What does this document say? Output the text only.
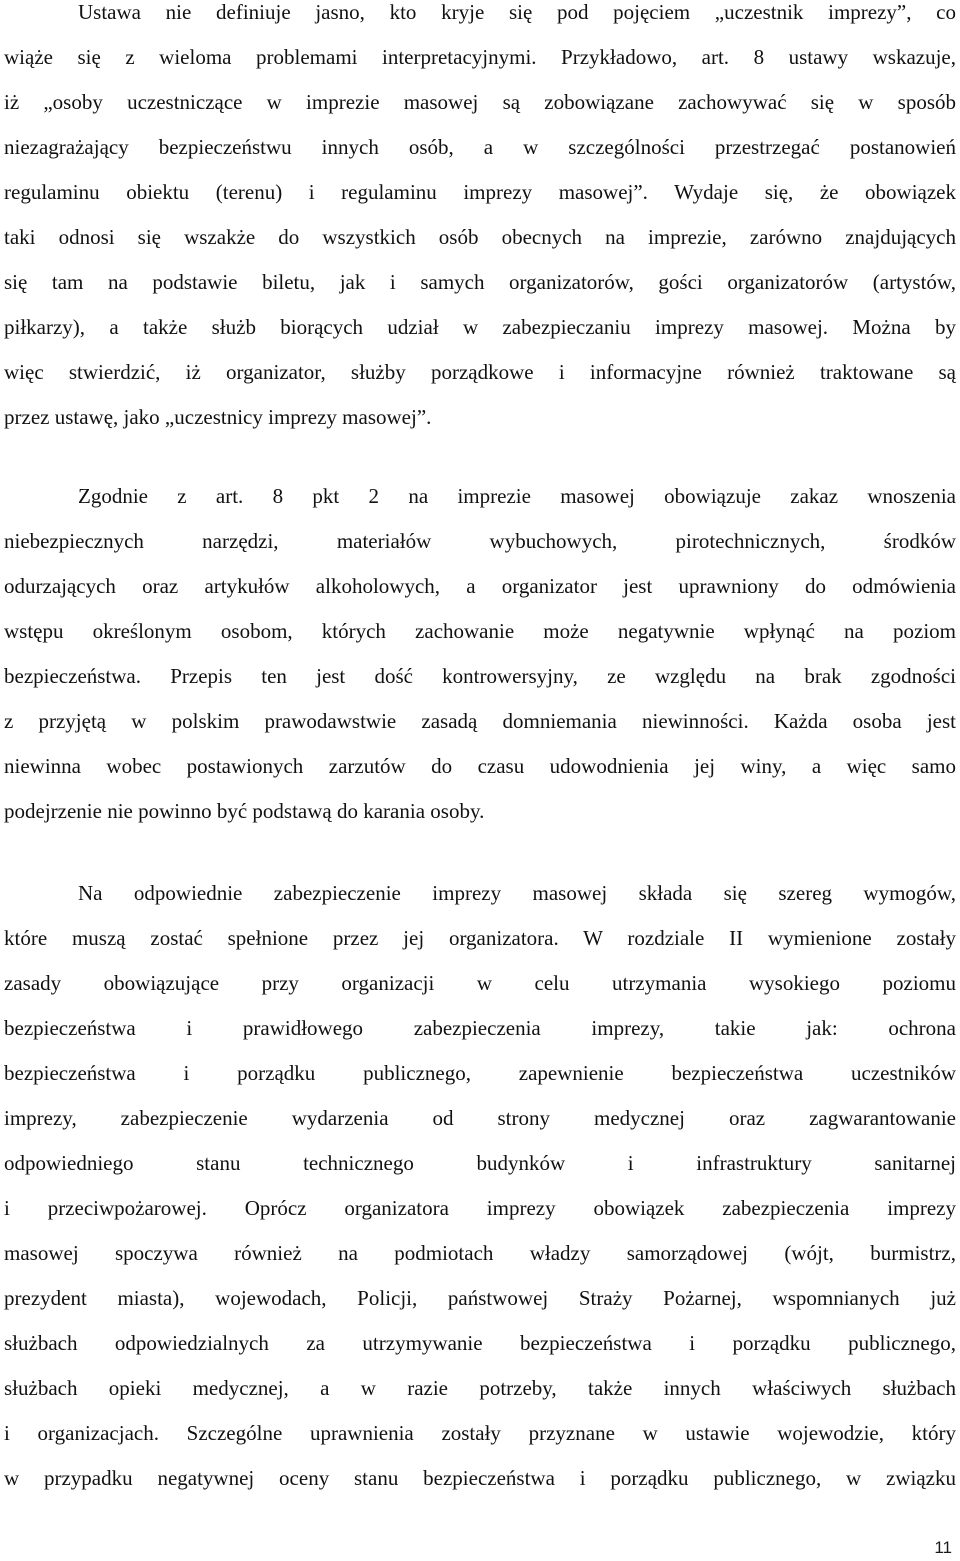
Ustawa nie definiuje jasno, kto kryje się pod pojęciem „uczestnik imprezy”, co
wiąże się z wieloma problemami interpretacyjnymi. Przykładowo, art. 8 ustawy wskazuje,
iż „osoby uczestniczące w imprezie masowej są zobowiązane zachowywać się w sposób
niezagrażający bezpieczeństwu innych osób, a w szczególności przestrzegać postanowień
regulaminu obiektu (terenu) i regulaminu imprezy masowej”. Wydaje się, że obowiązek
taki odnosi się wszakże do wszystkich osób obecnych na imprezie, zarówno znajdujących
się tam na podstawie biletu, jak i samych organizatorów, gości organizatorów (artystów,
piłkarzy), a także służb biorących udział w zabezpieczaniu imprezy masowej. Można by
więc stwierdzić, iż organizator, służby porządkowe i informacyjne również traktowane są
przez ustawę, jako „uczestnicy imprezy masowej”.
Zgodnie z art. 8 pkt 2 na imprezie masowej obowiązuje zakaz wnoszenia
niebezpiecznych narzędzi, materiałów wybuchowych, pirotechnicznych, środków
odurzających oraz artykułów alkoholowych, a organizator jest uprawniony do odmówienia
wstępu określonym osobom, których zachowanie może negatywnie wpłynąć na poziom
bezpieczeństwa. Przepis ten jest dość kontrowersyjny, ze względu na brak zgodności
z przyjętą w polskim prawodawstwie zasadą domniemania niewinności. Każda osoba jest
niewinna wobec postawionych zarzutów do czasu udowodnienia jej winy, a więc samo
podejrzenie nie powinno być podstawą do karania osoby.
Na odpowiednie zabezpieczenie imprezy masowej składa się szereg wymogów,
które muszą zostać spełnione przez jej organizatora. W rozdziale II wymienione zostały
zasady obowiązujące przy organizacji w celu utrzymania wysokiego poziomu
bezpieczeństwa i prawidłowego zabezpieczenia imprezy, takie jak: ochrona
bezpieczeństwa i porządku publicznego, zapewnienie bezpieczeństwa uczestników
imprezy, zabezpieczenie wydarzenia od strony medycznej oraz zagwarantowanie
odpowiedniego stanu technicznego budynków i infrastruktury sanitarnej
i przeciwpożarowej. Oprócz organizatora imprezy obowiązek zabezpieczenia imprezy
masowej spoczywa również na podmiotach władzy samorządowej (wójt, burmistrz,
prezydent miasta), wojewodach, Policji, państwowej Straży Pożarnej, wspomnianych już
służbach odpowiedzialnych za utrzymywanie bezpieczeństwa i porządku publicznego,
służbach opieki medycznej, a w razie potrzeby, także innych właściwych służbach
i organizacjach. Szczególne uprawnienia zostały przyznane w ustawie wojewodzie, który
w przypadku negatywnej oceny stanu bezpieczeństwa i porządku publicznego, w związku
11
